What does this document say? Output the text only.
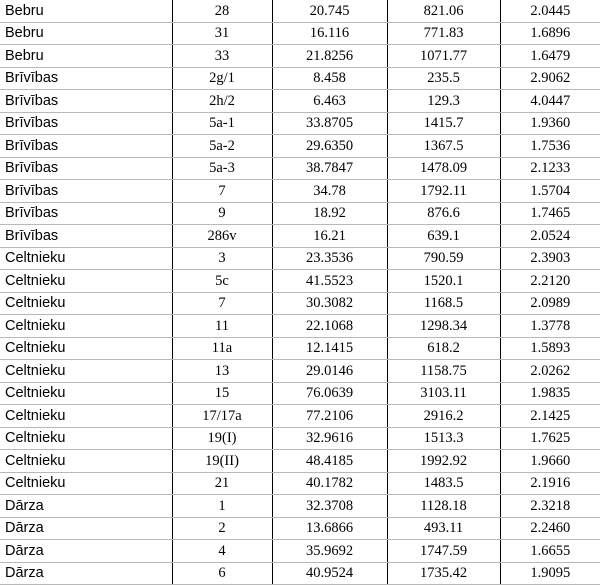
Bebru	28	20.745	821.06	2.0445
Bebru	31	16.116	771.83	1.6896
Bebru	33	21.8256	1071.77	1.6479
Brīvības	2g/1	8.458	235.5	2.9062
Brīvības	2h/2	6.463	129.3	4.0447
Brīvības	5a-1	33.8705	1415.7	1.9360
Brīvības	5a-2	29.6350	1367.5	1.7536
Brīvības	5a-3	38.7847	1478.09	2.1233
Brīvības	7	34.78	1792.11	1.5704
Brīvības	9	18.92	876.6	1.7465
Brīvības	286v	16.21	639.1	2.0524
Celtnieku	3	23.3536	790.59	2.3903
Celtnieku	5c	41.5523	1520.1	2.2120
Celtnieku	7	30.3082	1168.5	2.0989
Celtnieku	11	22.1068	1298.34	1.3778
Celtnieku	11a	12.1415	618.2	1.5893
Celtnieku	13	29.0146	1158.75	2.0262
Celtnieku	15	76.0639	3103.11	1.9835
Celtnieku	17/17a	77.2106	2916.2	2.1425
Celtnieku	19(I)	32.9616	1513.3	1.7625
Celtnieku	19(II)	48.4185	1992.92	1.9660
Celtnieku	21	40.1782	1483.5	2.1916
Dārza	1	32.3708	1128.18	2.3218
Dārza	2	13.6866	493.11	2.2460
Dārza	4	35.9692	1747.59	1.6655
Dārza	6	40.9524	1735.42	1.9095
